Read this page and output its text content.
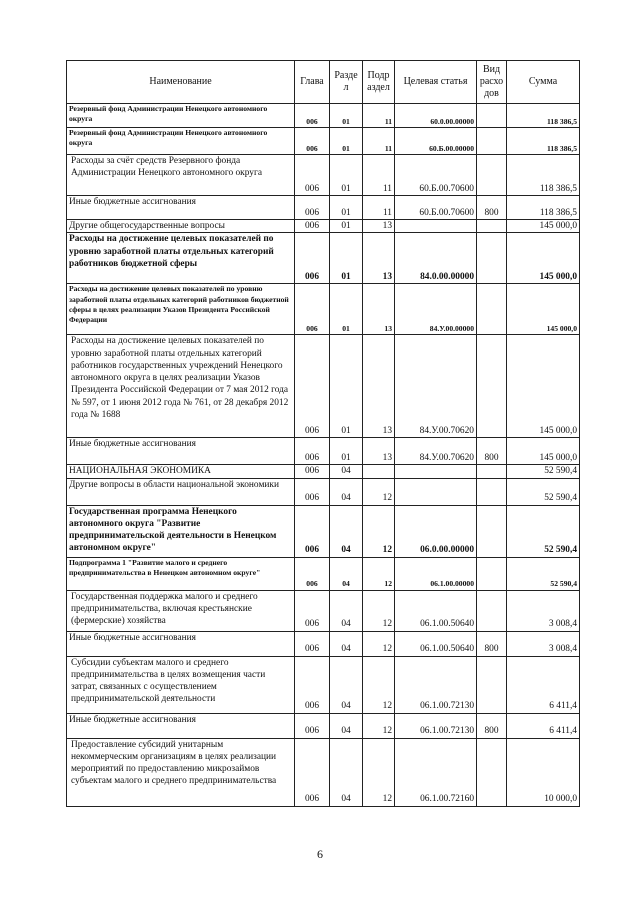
Наименование	Глава	Разде л	Подр аздел	Целевая статья	Вид расхо дов	Сумма
Резервный фонд Администрации Ненецкого автономного округа	006	01	11	60.0.00.00000		118 386,5
Резервный фонд Администрации Ненецкого автономного округа	006	01	11	60.Б.00.00000		118 386,5
Расходы за счёт средств Резервного фонда Администрации Ненецкого автономного округа	006	01	11	60.Б.00.70600		118 386,5
Иные бюджетные ассигнования	006	01	11	60.Б.00.70600	800	118 386,5
Другие общегосударственные вопросы	006	01	13			145 000,0
Расходы на достижение целевых показателей по уровню заработной платы отдельных категорий работников бюджетной сферы	006	01	13	84.0.00.00000		145 000,0
Расходы на достижение целевых показателей по уровню заработной платы отдельных категорий работников бюджетной сферы в целях реализации Указов Президента Российской Федерации	006	01	13	84.У.00.00000		145 000,0
Расходы на достижение целевых показателей по уровню заработной платы отдельных категорий работников государственных учреждений Ненецкого автономного округа в целях реализации Указов Президента Российской Федерации от 7 мая 2012 года № 597, от 1 июня 2012 года № 761, от 28 декабря 2012 года № 1688	006	01	13	84.У.00.70620		145 000,0
Иные бюджетные ассигнования	006	01	13	84.У.00.70620	800	145 000,0
НАЦИОНАЛЬНАЯ ЭКОНОМИКА	006	04				52 590,4
Другие вопросы в области национальной экономики	006	04	12			52 590,4
Государственная программа Ненецкого автономного округа "Развитие предпринимательской деятельности в Ненецком автономном округе"	006	04	12	06.0.00.00000		52 590,4
Подпрограмма 1 "Развитие малого и среднего предпринимательства в Ненецком автономном округе"	006	04	12	06.1.00.00000		52 590,4
Государственная поддержка малого и среднего предпринимательства, включая крестьянские (фермерские) хозяйства	006	04	12	06.1.00.50640		3 008,4
Иные бюджетные ассигнования	006	04	12	06.1.00.50640	800	3 008,4
Субсидии субъектам малого и среднего предпринимательства в целях возмещения части затрат, связанных с осуществлением предпринимательской деятельности	006	04	12	06.1.00.72130		6 411,4
Иные бюджетные ассигнования	006	04	12	06.1.00.72130	800	6 411,4
Предоставление субсидий унитарным некоммерческим организациям в целях реализации мероприятий по предоставлению микрозаймов субъектам малого и среднего предпринимательства	006	04	12	06.1.00.72160		10 000,0
6
